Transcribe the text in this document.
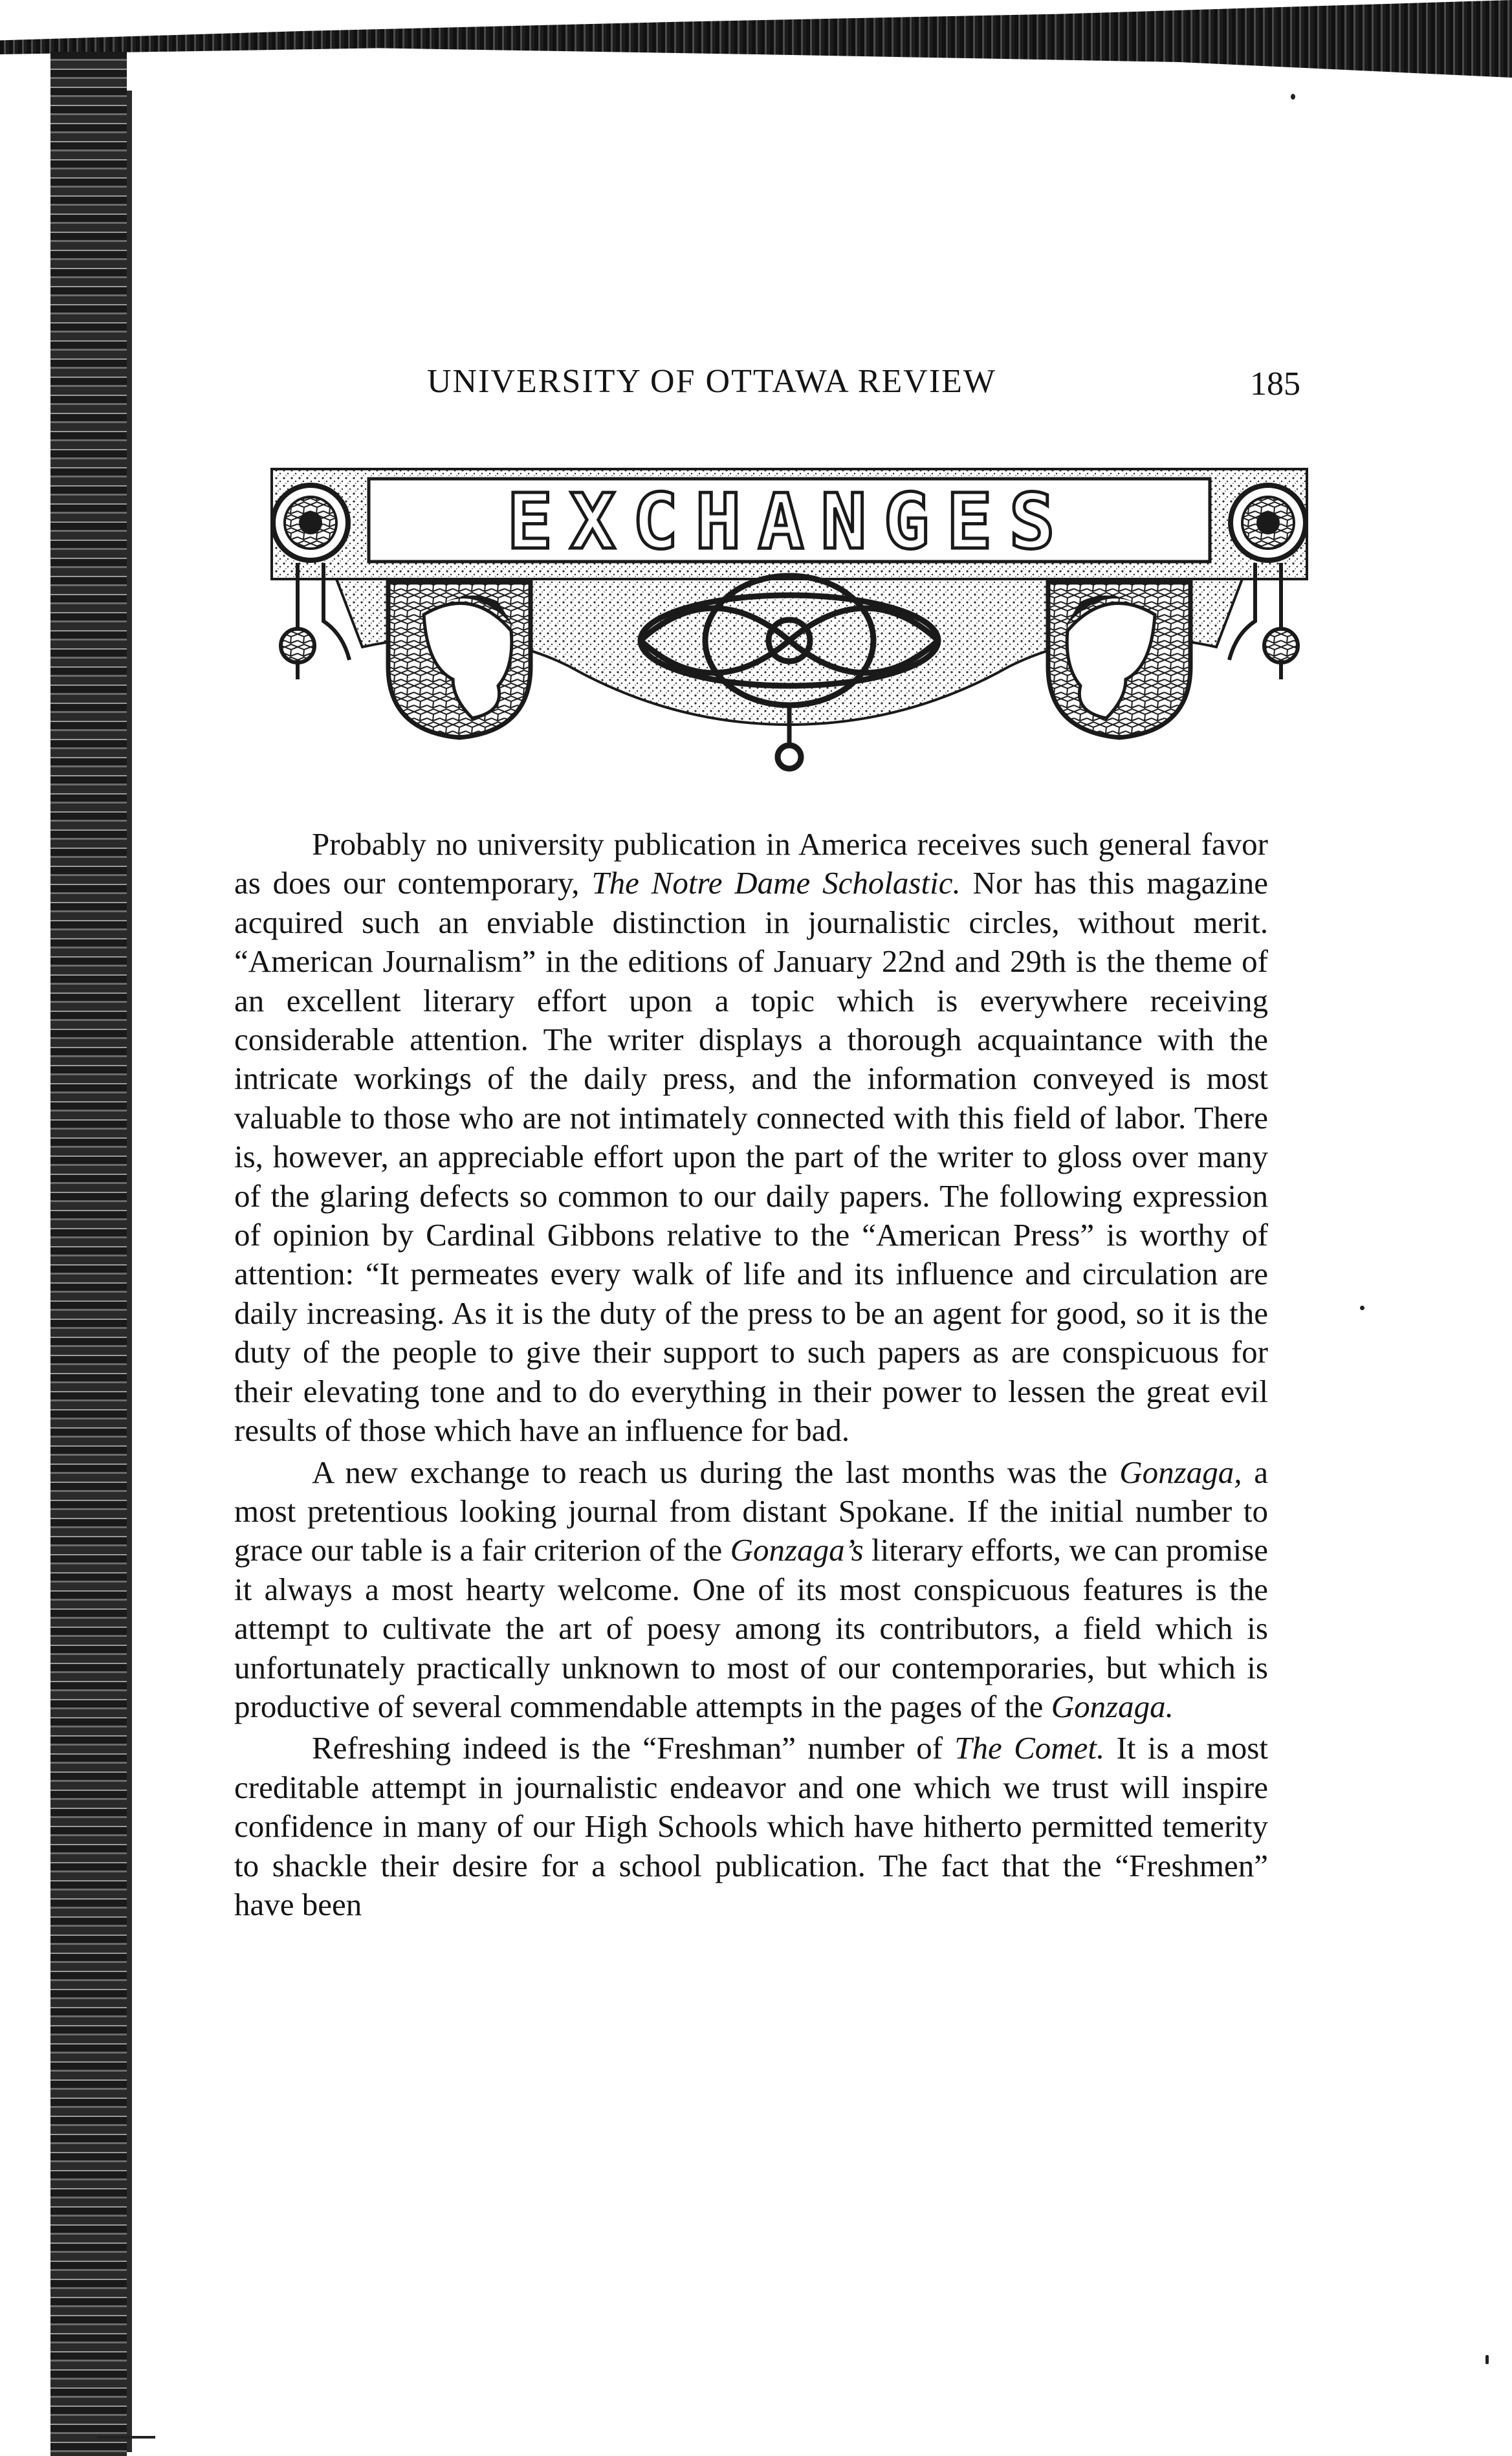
UNIVERSITY OF OTTAWA REVIEW	185
EXCHANGES

Probably no university publication in America receives such general favor as does our contemporary, The Notre Dame Scholastic. Nor has this magazine acquired such an enviable distinction in journalistic circles, without merit. “American Journalism” in the editions of January 22nd and 29th is the theme of an excellent literary effort upon a topic which is everywhere receiving considerable attention. The writer displays a thorough acquaintance with the intricate workings of the daily press, and the information conveyed is most valuable to those who are not intimately connected with this field of labor. There is, however, an appreciable effort upon the part of the writer to gloss over many of the glaring defects so common to our daily papers. The following expression of opinion by Cardinal Gibbons relative to the “American Press” is worthy of attention: “It permeates every walk of life and its influence and circulation are daily increasing. As it is the duty of the press to be an agent for good, so it is the duty of the people to give their support to such papers as are conspicuous for their elevating tone and to do everything in their power to lessen the great evil results of those which have an influence for bad.

A new exchange to reach us during the last months was the Gonzaga, a most pretentious looking journal from distant Spokane. If the initial number to grace our table is a fair criterion of the Gonzaga’s literary efforts, we can promise it always a most hearty welcome. One of its most conspicuous features is the attempt to cultivate the art of poesy among its contributors, a field which is unfortunately practically unknown to most of our contemporaries, but which is productive of several commendable attempts in the pages of the Gonzaga.

Refreshing indeed is the “Freshman” number of The Comet. It is a most creditable attempt in journalistic endeavor and one which we trust will inspire confidence in many of our High Schools which have hitherto permitted temerity to shackle their desire for a school publication. The fact that the “Freshmen” have been
